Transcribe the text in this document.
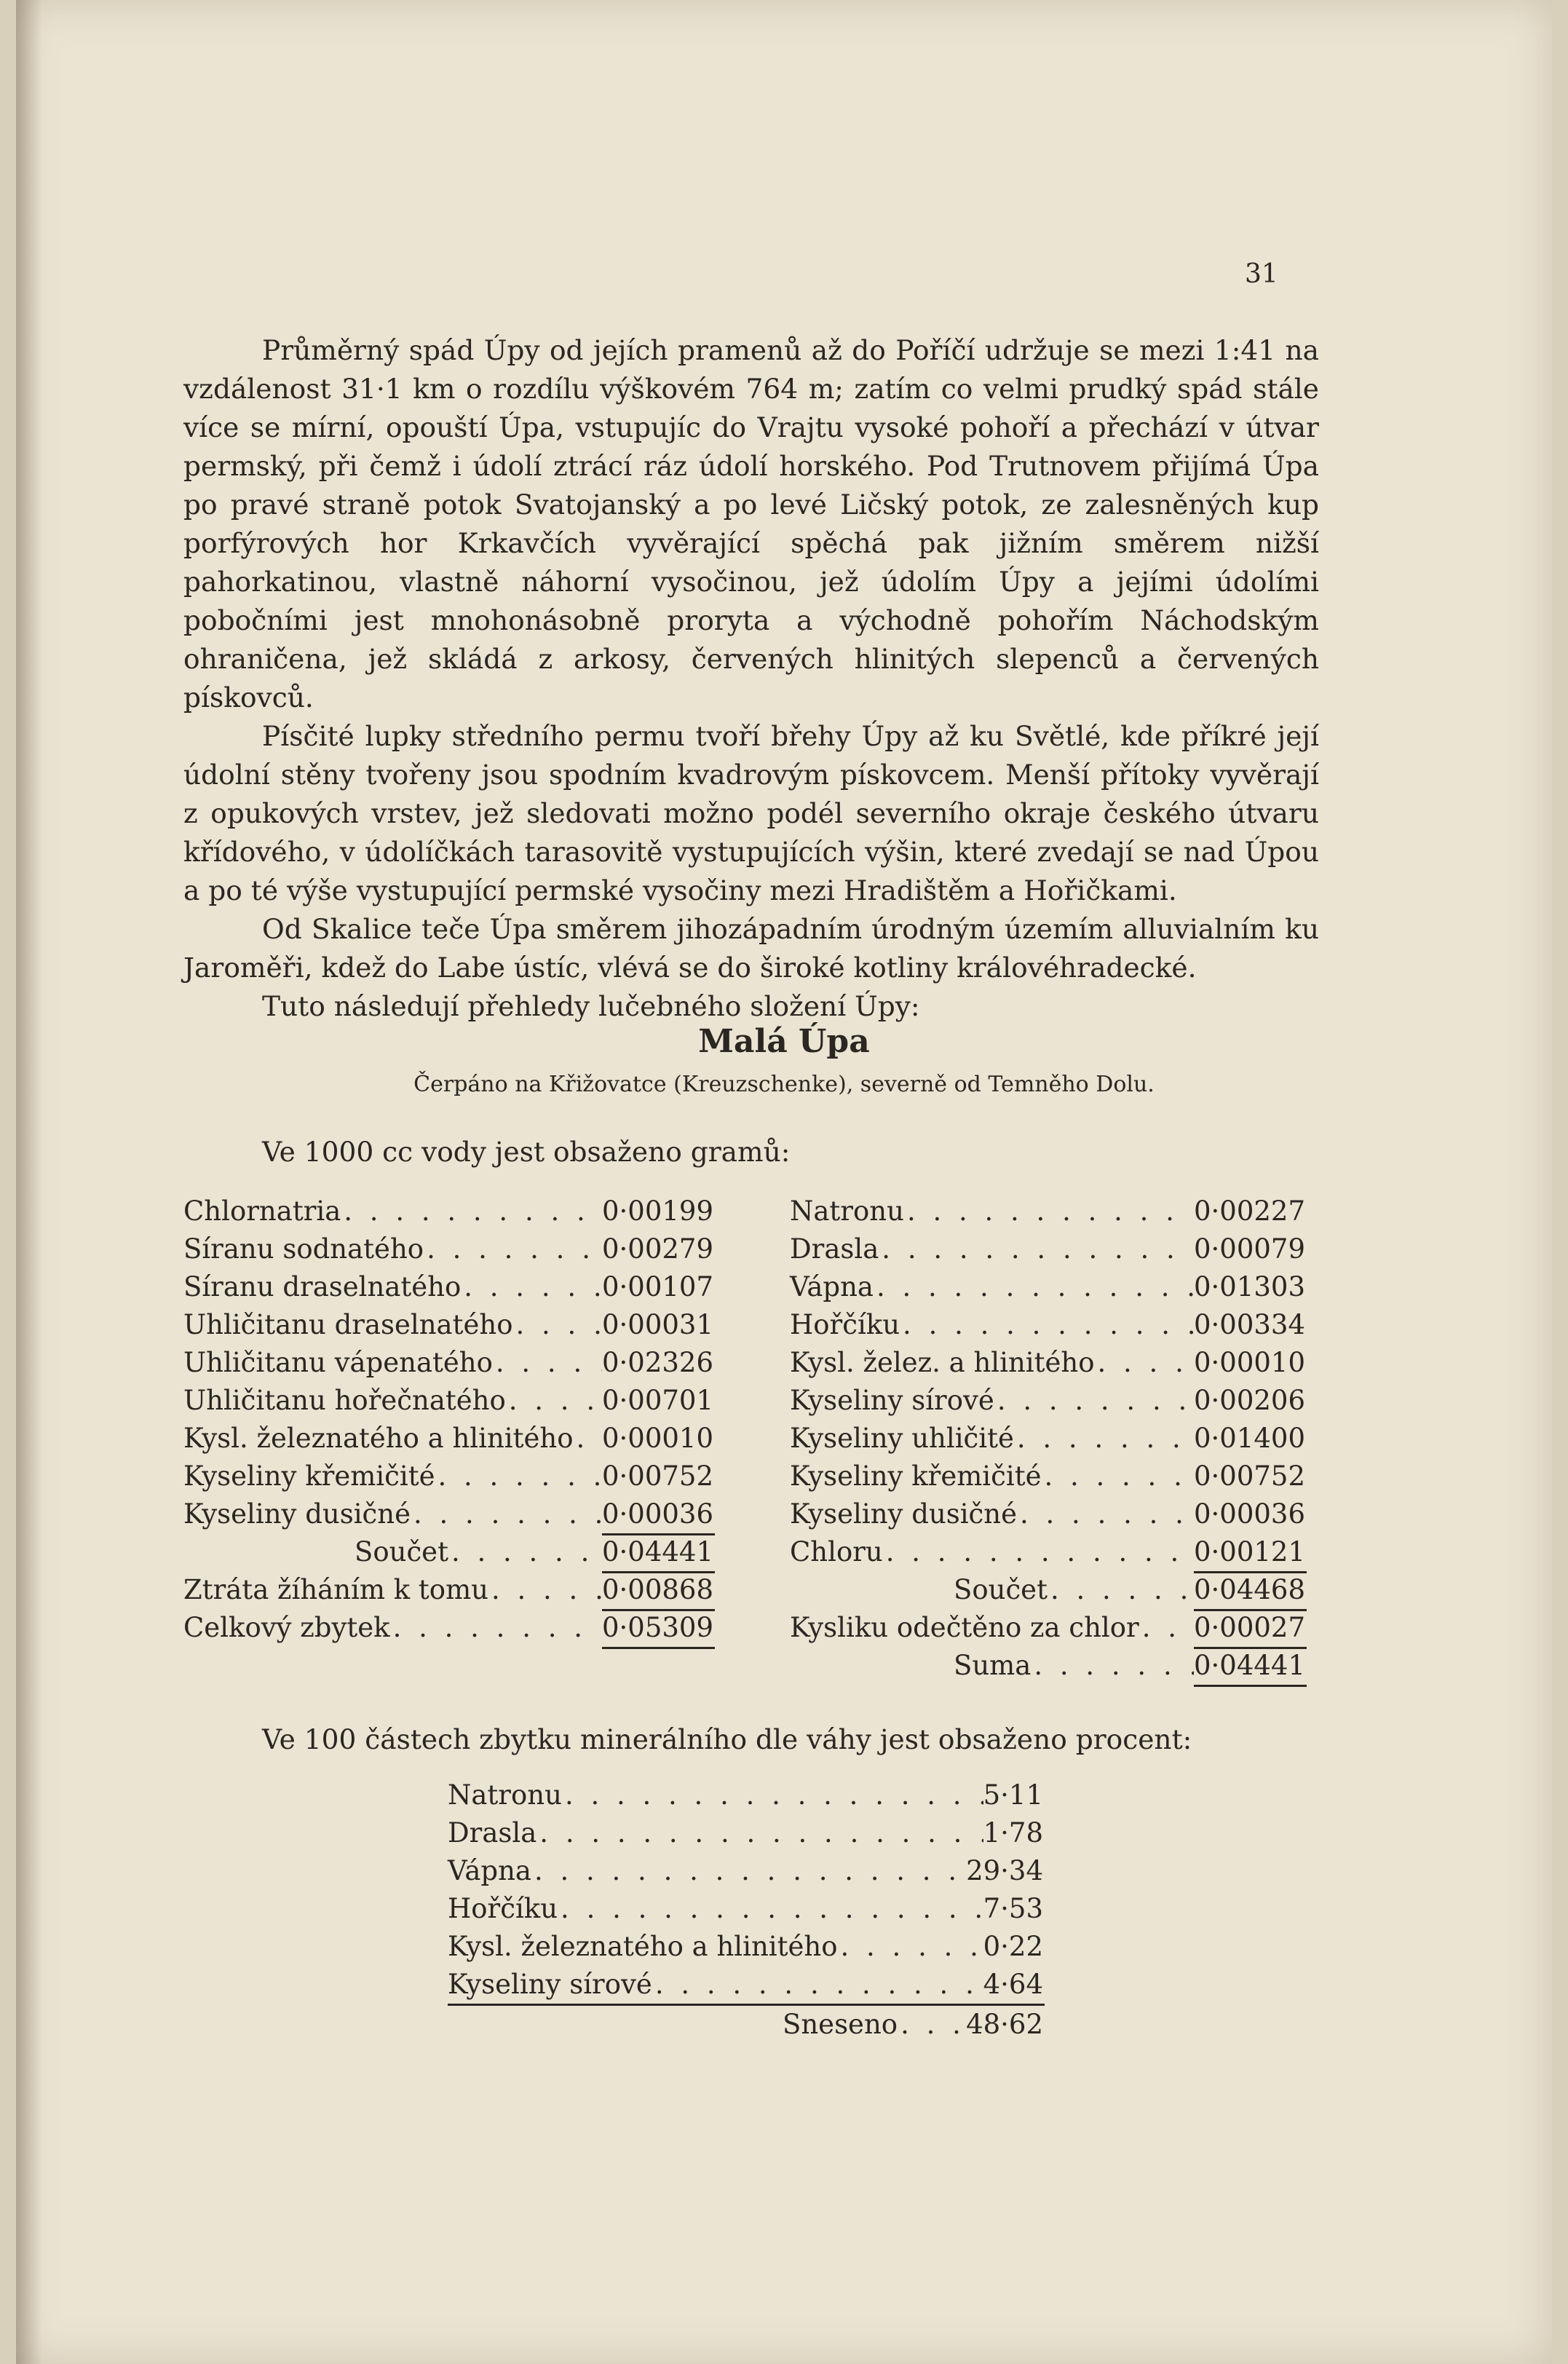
31

Průměrný spád Úpy od jejích pramenů až do Poříčí udržuje se mezi 1:41 na vzdálenost 31·1 km o rozdílu výškovém 764 m; zatím co velmi prudký spád stále více se mírní, opouští Úpa, vstupujíc do Vrajtu vysoké pohoří a přechází v útvar permský, při čemž i údolí ztrácí ráz údolí horského. Pod Trutnovem přijímá Úpa po pravé straně potok Svatojanský a po levé Ličský potok, ze zalesněných kup porfýrových hor Krkavčích vyvěrající spěchá pak jižním směrem nižší pahorkatinou, vlastně náhorní vysočinou, jež údolím Úpy a jejími údolími pobočními jest mnohonásobně proryta a východně pohořím Náchodským ohraničena, jež skládá z arkosy, červených hlinitých slepenců a červených pískovců.

Písčité lupky středního permu tvoří břehy Úpy až ku Světlé, kde příkré její údolní stěny tvořeny jsou spodním kvadrovým pískovcem. Menší přítoky vyvěrají z opukových vrstev, jež sledovati možno podél severního okraje českého útvaru křídového, v údolíčkách tarasovitě vystupujících výšin, které zvedají se nad Úpou a po té výše vystupující permské vysočiny mezi Hradištěm a Hořičkami.

Od Skalice teče Úpa směrem jihozápadním úrodným územím alluvialním ku Jaroměři, kdež do Labe ústíc, vlévá se do široké kotliny královéhradecké.

Tuto následují přehledy lučebného složení Úpy:

Malá Úpa
Čerpáno na Křižovatce (Kreuzschenke), severně od Temněho Dolu.
Ve 1000 cc vody jest obsaženo gramů:
Chlornatria . . .	0·00199
Síranu sodnatého . . .	0·00279
Síranu draselnatého . . .	0·00107
Uhličitanu draselnatého . . .	0·00031
Uhličitanu vápenatého . . .	0·02326
Uhličitanu hořečnatého . . .	0·00701
Kysl. železnatého a hlinitého . . . 0·00010
Kyseliny křemičité . . .	0·00752
Kyseliny dusičné . . .	0·00036
Součet . . .	0·04441
Ztráta žíháním k tomu . . .	0·00868
Celkový zbytek . . .	0·05309
Natronu . . .	0·00227
Drasla . . .	0·00079
Vápna . . .	0·01303
Hořčíku . . .	0·00334
Kysl. želez. a hlinitého . . .	0·00010
Kyseliny sírové . . .	0·00206
Kyseliny uhličité . . .	0·01400
Kyseliny křemičité . . .	0·00752
Kyseliny dusičné . . .	0·00036
Chloru . . .	0·00121
Součet . . .	0·04468
Kysliku odečtěno za chlor . . . 0·00027
Suma . . .	0·04441
Ve 100 částech zbytku minerálního dle váhy jest obsaženo procent:
Natronu . . .	5·11
Drasla . . .	1·78
Vápna . . .	29·34
Hořčíku . . .	7·53
Kysl. železnatého a hlinitého . . .	0·22
Kyseliny sírové . . .	4·64
Sneseno . . .	48·62
